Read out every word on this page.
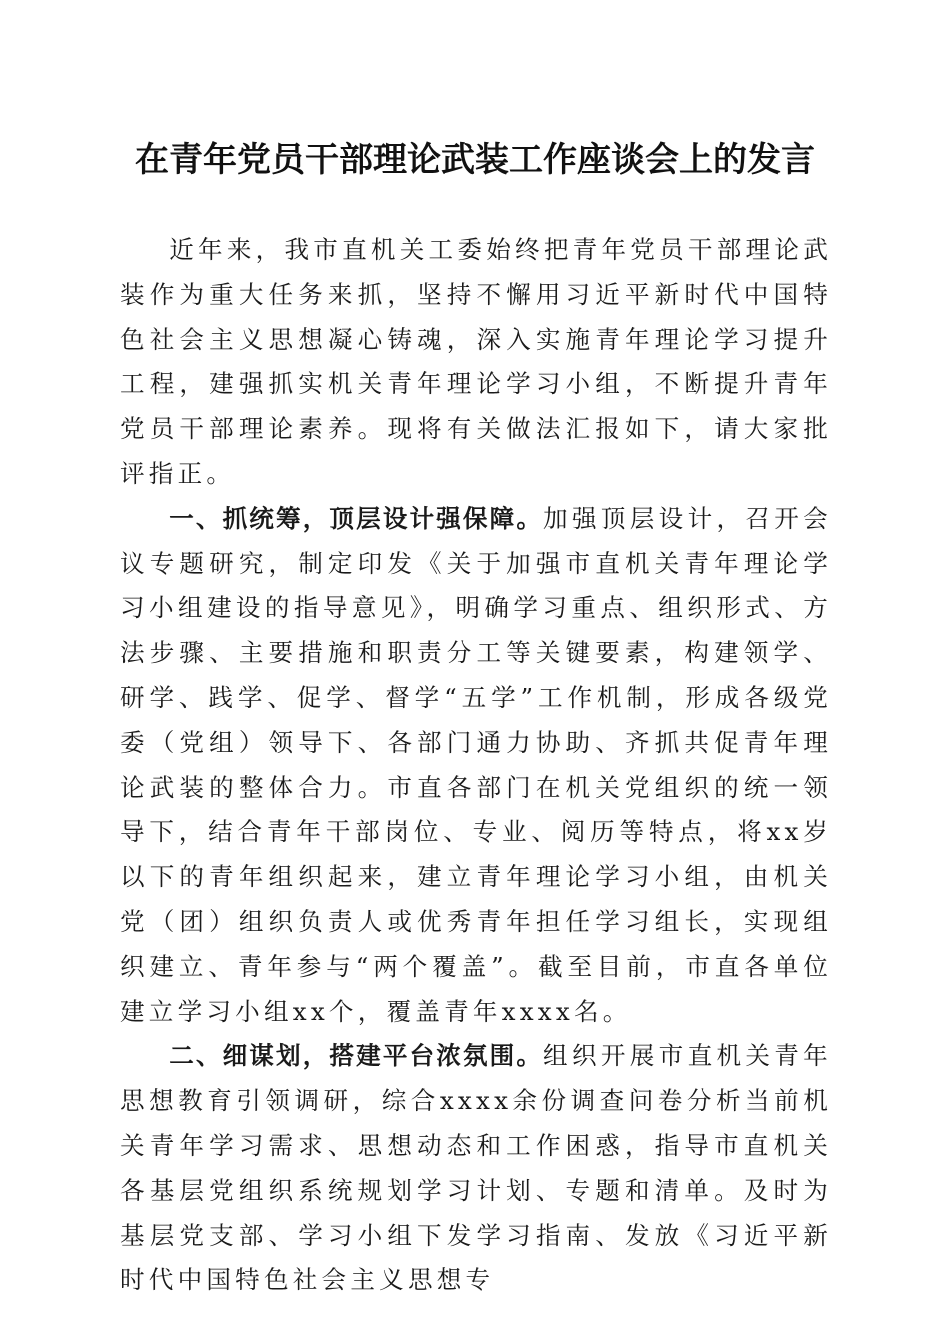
在青年党员干部理论武装工作座谈会上的发言

近年来，我市直机关工委始终把青年党员干部理论武装作为重大任务来抓，坚持不懈用习近平新时代中国特色社会主义思想凝心铸魂，深入实施青年理论学习提升工程，建强抓实机关青年理论学习小组，不断提升青年党员干部理论素养。现将有关做法汇报如下，请大家批评指正。

一、抓统筹，顶层设计强保障。加强顶层设计，召开会议专题研究，制定印发《关于加强市直机关青年理论学习小组建设的指导意见》，明确学习重点、组织形式、方法步骤、主要措施和职责分工等关键要素，构建领学、研学、践学、促学、督学“五学”工作机制，形成各级党委（党组）领导下、各部门通力协助、齐抓共促青年理论武装的整体合力。市直各部门在机关党组织的统一领导下，结合青年干部岗位、专业、阅历等特点，将xx岁以下的青年组织起来，建立青年理论学习小组，由机关党（团）组织负责人或优秀青年担任学习组长，实现组织建立、青年参与“两个覆盖”。截至目前，市直各单位建立学习小组xx个，覆盖青年xxxx名。

二、细谋划，搭建平台浓氛围。组织开展市直机关青年思想教育引领调研，综合xxxx余份调查问卷分析当前机关青年学习需求、思想动态和工作困惑，指导市直机关各基层党组织系统规划学习计划、专题和清单。及时为基层党支部、学习小组下发学习指南、发放《习近平新时代中国特色社会主义思想专
